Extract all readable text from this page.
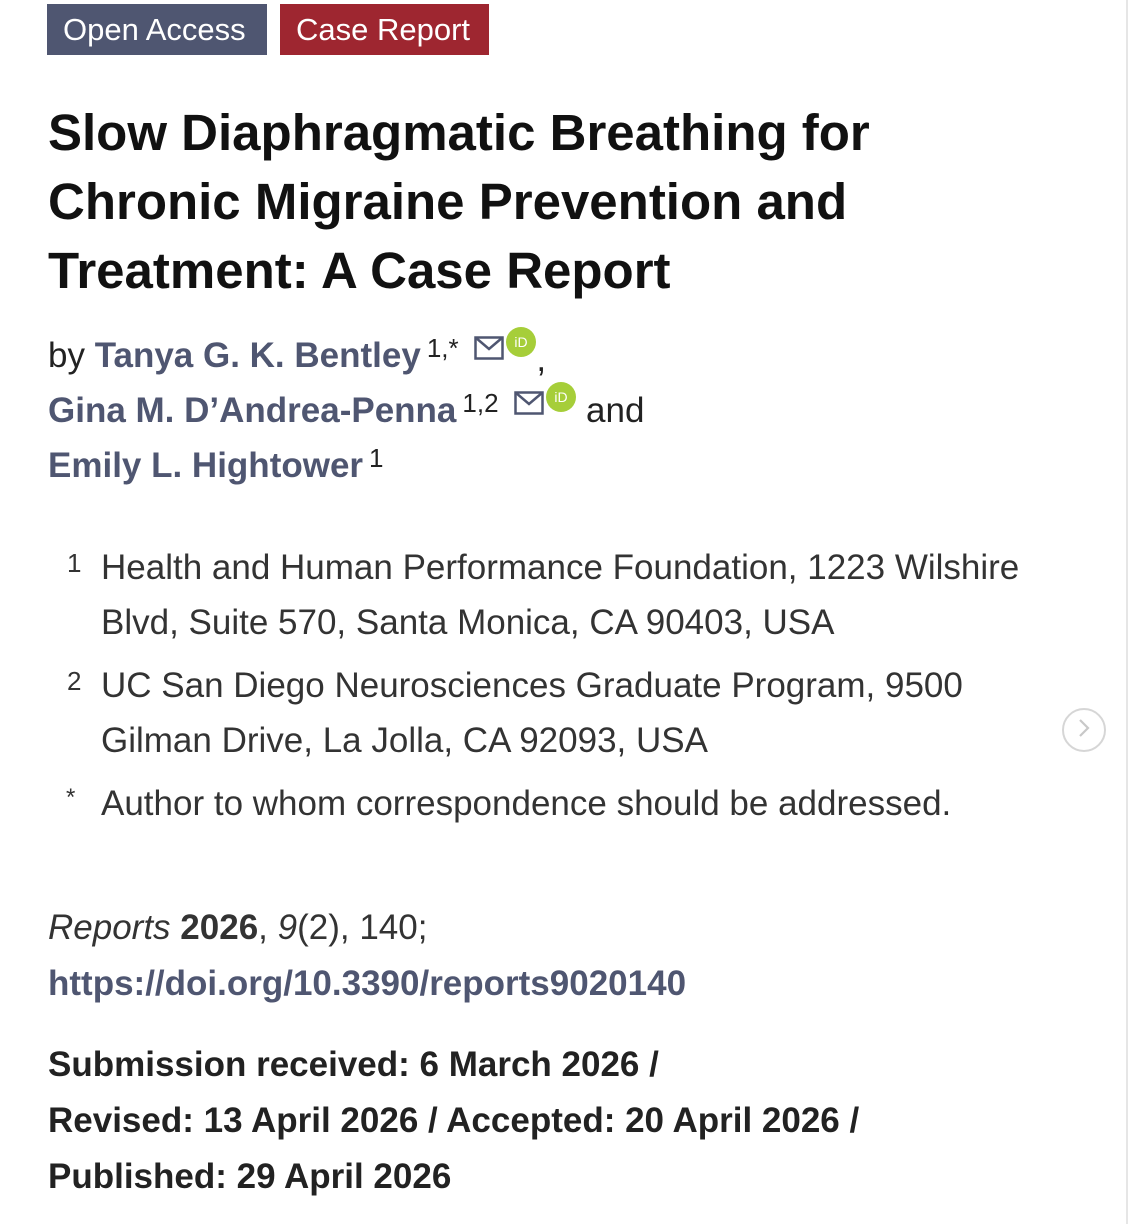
Open Access	Case Report
Slow Diaphragmatic Breathing for
Chronic Migraine Prevention and
Treatment: A Case Report
by Tanya G. K. Bentley $^{1,*}$	iD ,
Gina M. D’Andrea-Penna $^{1,2}$	iD and
Emily L. Hightower $^1$
1 Health and Human Performance Foundation, 1223 Wilshire Blvd, Suite 570, Santa Monica, CA 90403, USA
2 UC San Diego Neurosciences Graduate Program, 9500 Gilman Drive, La Jolla, CA 92093, USA
* Author to whom correspondence should be addressed.
Reports 2026, 9(2), 140;
https://doi.org/10.3390/reports9020140
Submission received: 6 March 2026 /
Revised: 13 April 2026 / Accepted: 20 April 2026 /
Published: 29 April 2026
